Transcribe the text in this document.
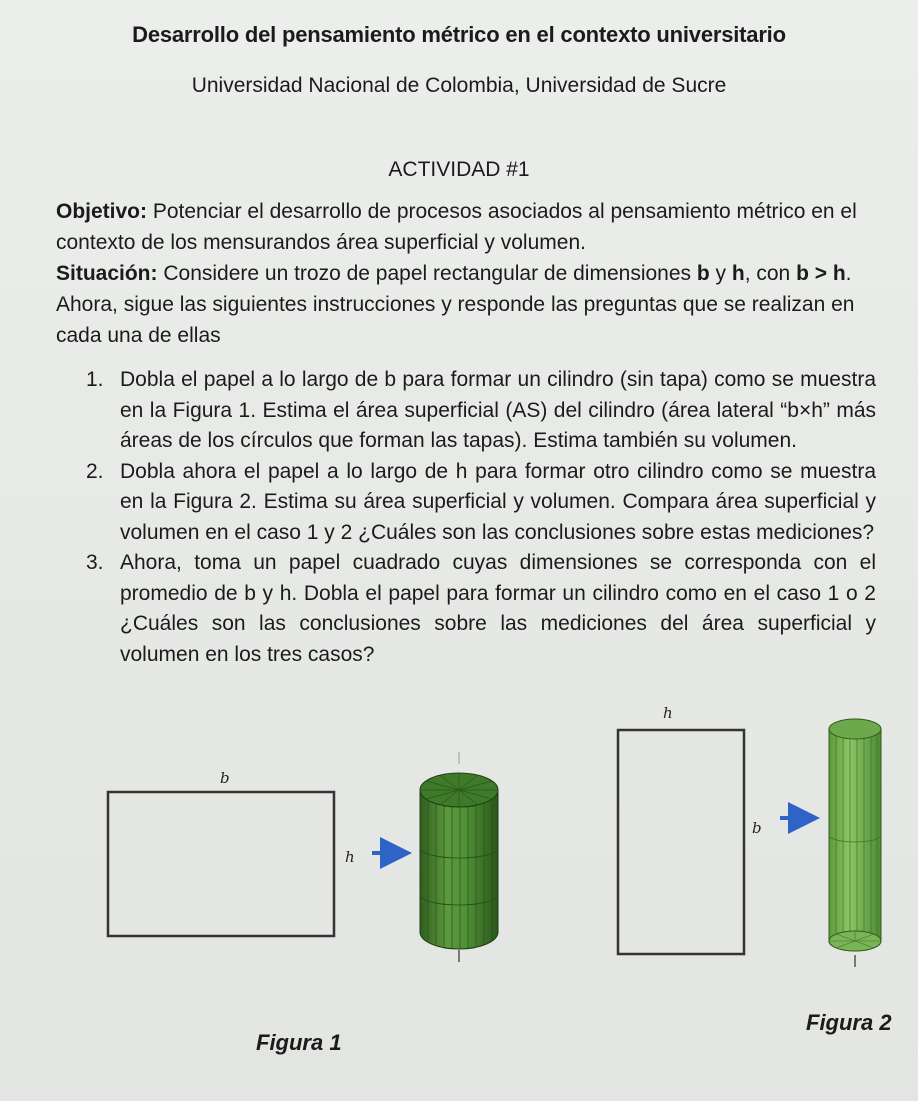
Desarrollo del pensamiento métrico en el contexto universitario
Universidad Nacional de Colombia, Universidad de Sucre
ACTIVIDAD #1
Objetivo: Potenciar el desarrollo de procesos asociados al pensamiento métrico en el contexto de los mensurandos área superficial y volumen.
Situación: Considere un trozo de papel rectangular de dimensiones b y h, con b > h. Ahora, sigue las siguientes instrucciones y responde las preguntas que se realizan en cada una de ellas
1. Dobla el papel a lo largo de b para formar un cilindro (sin tapa) como se muestra en la Figura 1. Estima el área superficial (AS) del cilindro (área lateral “b×h” más áreas de los círculos que forman las tapas). Estima también su volumen.
2. Dobla ahora el papel a lo largo de h para formar otro cilindro como se muestra en la Figura 2. Estima su área superficial y volumen. Compara área superficial y volumen en el caso 1 y 2 ¿Cuáles son las conclusiones sobre estas mediciones?
3. Ahora, toma un papel cuadrado cuyas dimensiones se corresponda con el promedio de b y h. Dobla el papel para formar un cilindro como en el caso 1 o 2 ¿Cuáles son las conclusiones sobre las mediciones del área superficial y volumen en los tres casos?
b
h
h
b
Figura 1
Figura 2
